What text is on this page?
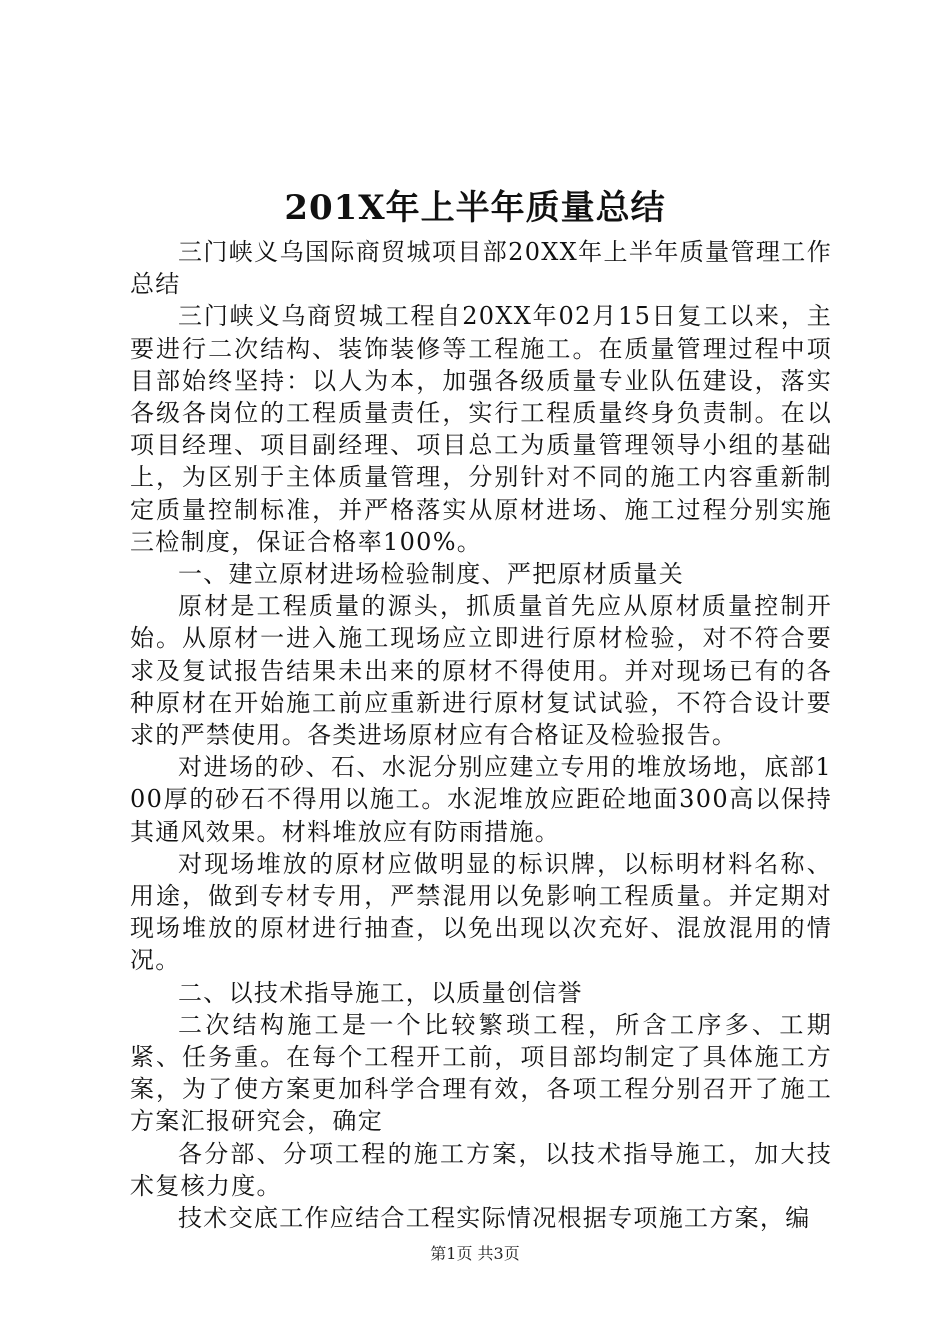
201X年上半年质量总结

三门峡义乌国际商贸城项目部20XX年上半年质量管理工作总结

三门峡义乌商贸城工程自20XX年02月15日复工以来，主要进行二次结构、装饰装修等工程施工。在质量管理过程中项目部始终坚持：以人为本，加强各级质量专业队伍建设，落实各级各岗位的工程质量责任，实行工程质量终身负责制。在以项目经理、项目副经理、项目总工为质量管理领导小组的基础上，为区别于主体质量管理，分别针对不同的施工内容重新制定质量控制标准，并严格落实从原材进场、施工过程分别实施三检制度，保证合格率100%。

一、建立原材进场检验制度、严把原材质量关

原材是工程质量的源头，抓质量首先应从原材质量控制开始。从原材一进入施工现场应立即进行原材检验，对不符合要求及复试报告结果未出来的原材不得使用。并对现场已有的各种原材在开始施工前应重新进行原材复试试验，不符合设计要求的严禁使用。各类进场原材应有合格证及检验报告。

对进场的砂、石、水泥分别应建立专用的堆放场地，底部100厚的砂石不得用以施工。水泥堆放应距砼地面300高以保持其通风效果。材料堆放应有防雨措施。

对现场堆放的原材应做明显的标识牌，以标明材料名称、用途，做到专材专用，严禁混用以免影响工程质量。并定期对现场堆放的原材进行抽查，以免出现以次充好、混放混用的情况。

二、以技术指导施工，以质量创信誉

二次结构施工是一个比较繁琐工程，所含工序多、工期紧、任务重。在每个工程开工前，项目部均制定了具体施工方案，为了使方案更加科学合理有效，各项工程分别召开了施工方案汇报研究会，确定

各分部、分项工程的施工方案，以技术指导施工，加大技术复核力度。

技术交底工作应结合工程实际情况根据专项施工方案，编

第1页 共3页
